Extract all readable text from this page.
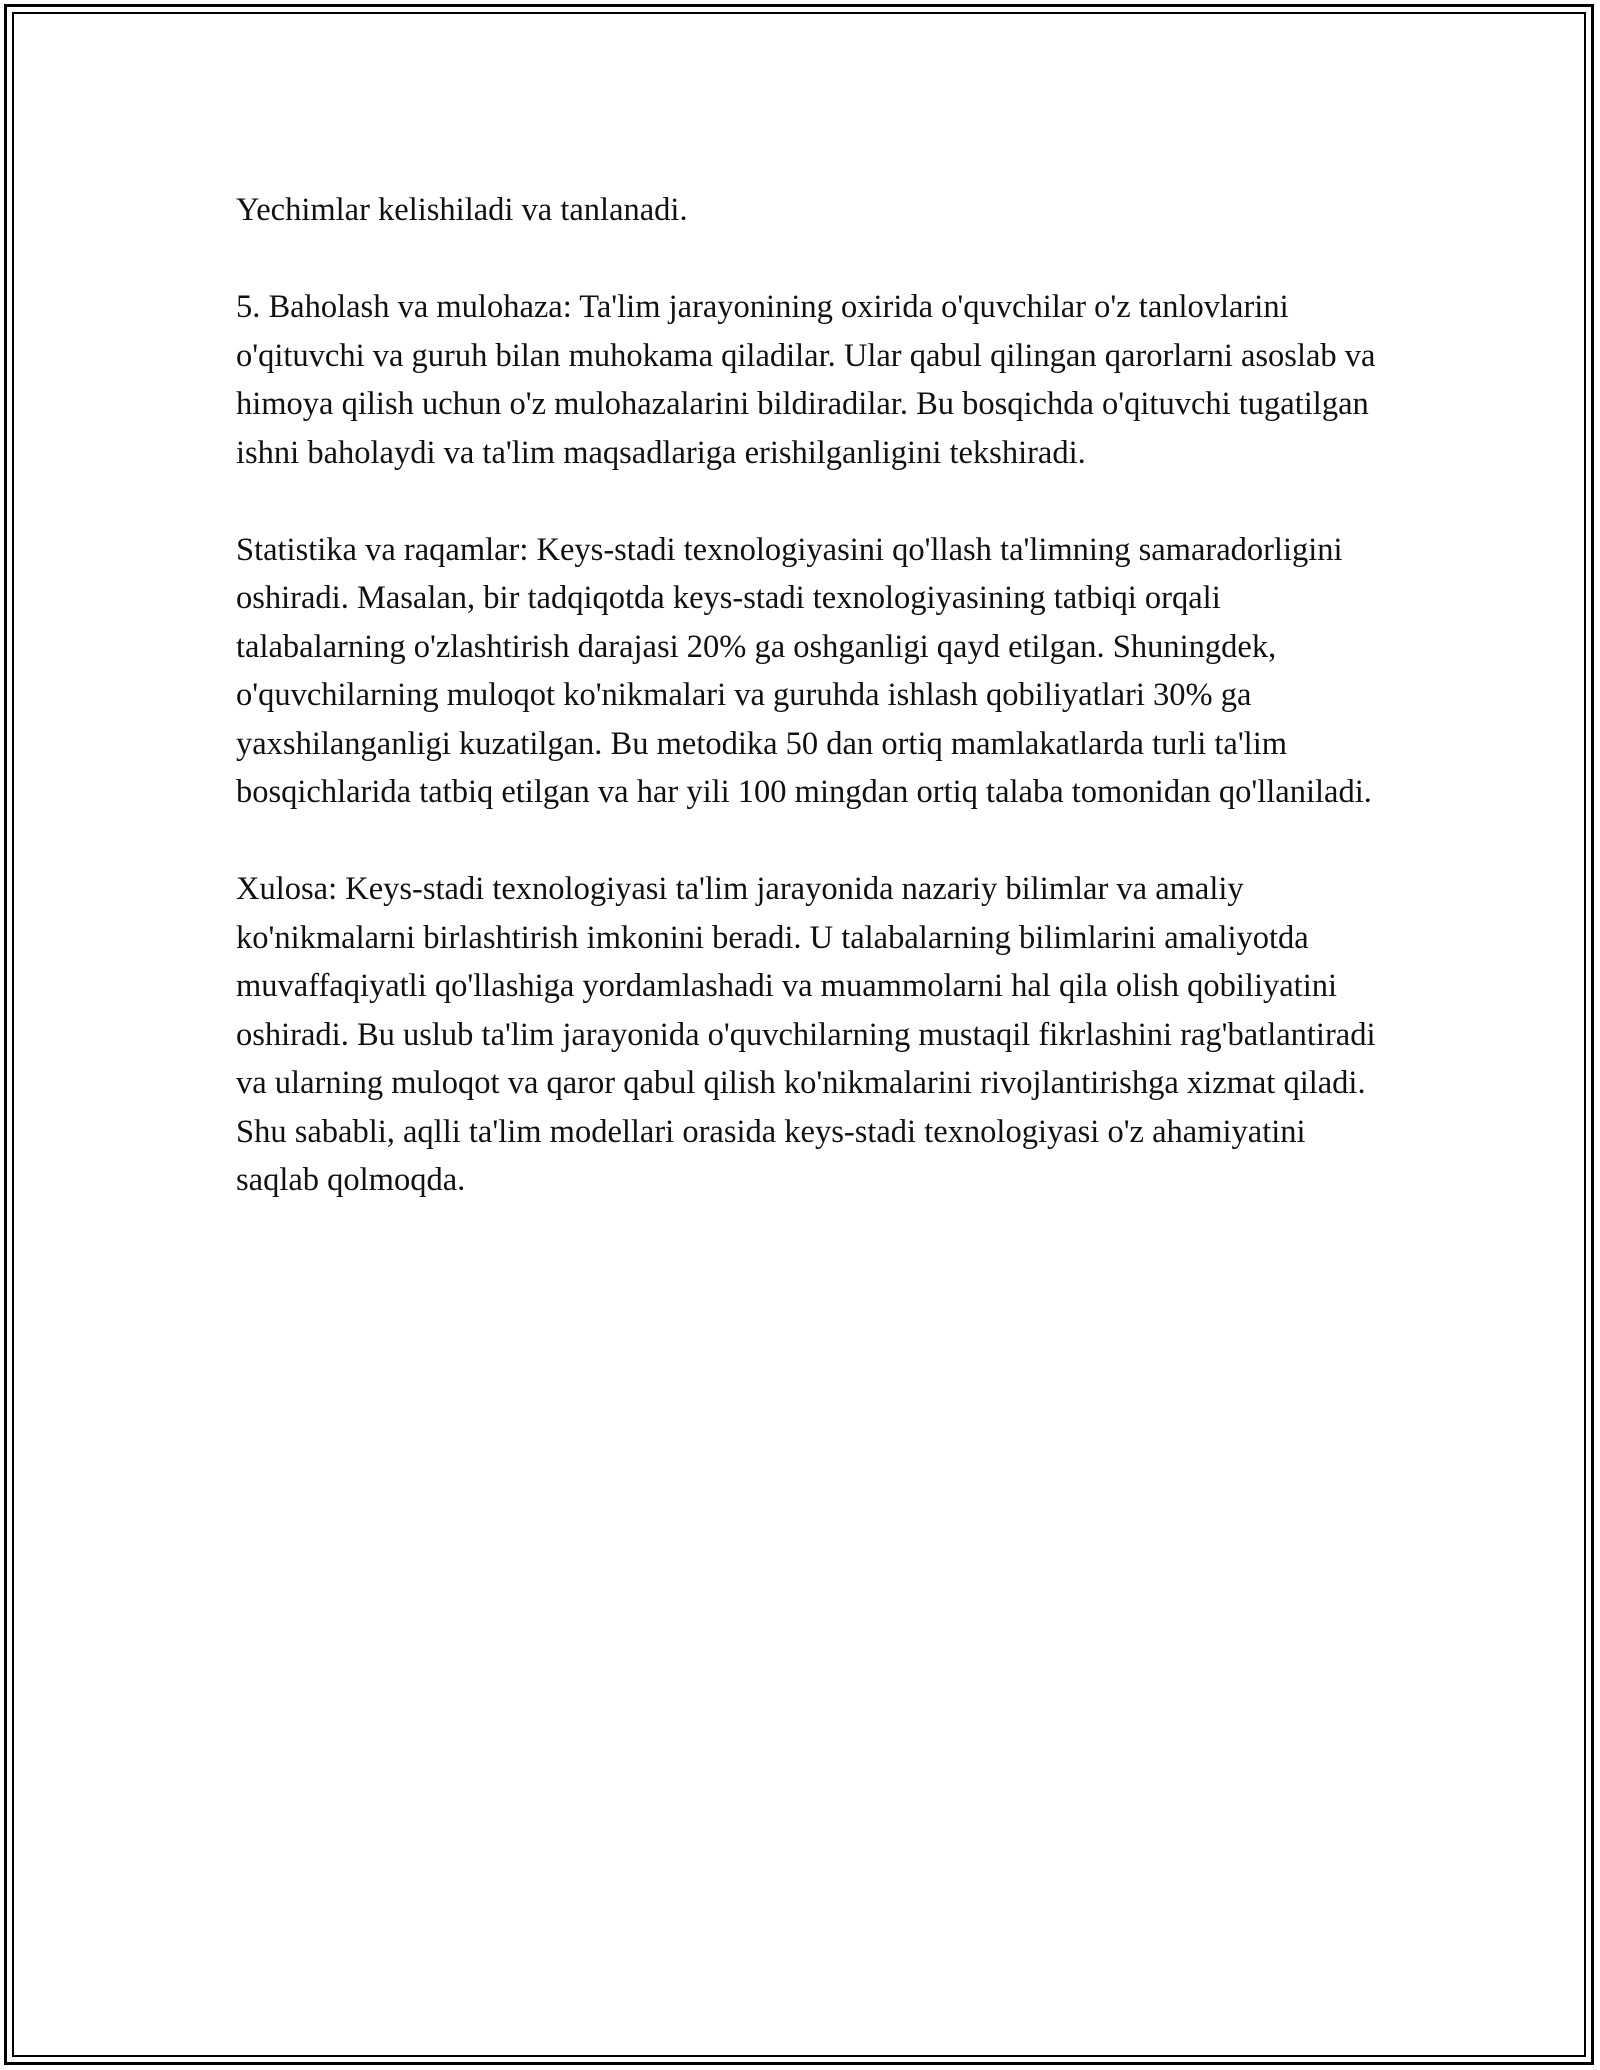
Yechimlar kelishiladi va tanlanadi.

5. Baholash va mulohaza: Ta'lim jarayonining oxirida o'quvchilar o'z tanlovlarini o'qituvchi va guruh bilan muhokama qiladilar. Ular qabul qilingan qarorlarni asoslab va himoya qilish uchun o'z mulohazalarini bildiradilar. Bu bosqichda o'qituvchi tugatilgan ishni baholaydi va ta'lim maqsadlariga erishilganligini tekshiradi.

Statistika va raqamlar: Keys-stadi texnologiyasini qo'llash ta'limning samaradorligini oshiradi. Masalan, bir tadqiqotda keys-stadi texnologiyasining tatbiqi orqali talabalarning o'zlashtirish darajasi 20% ga oshganligi qayd etilgan. Shuningdek, o'quvchilarning muloqot ko'nikmalari va guruhda ishlash qobiliyatlari 30% ga yaxshilanganligi kuzatilgan. Bu metodika 50 dan ortiq mamlakatlarda turli ta'lim bosqichlarida tatbiq etilgan va har yili 100 mingdan ortiq talaba tomonidan qo'llaniladi.

Xulosa: Keys-stadi texnologiyasi ta'lim jarayonida nazariy bilimlar va amaliy ko'nikmalarni birlashtirish imkonini beradi. U talabalarning bilimlarini amaliyotda muvaffaqiyatli qo'llashiga yordamlashadi va muammolarni hal qila olish qobiliyatini oshiradi. Bu uslub ta'lim jarayonida o'quvchilarning mustaqil fikrlashini rag'batlantiradi va ularning muloqot va qaror qabul qilish ko'nikmalarini rivojlantirishga xizmat qiladi. Shu sababli, aqlli ta'lim modellari orasida keys-stadi texnologiyasi o'z ahamiyatini saqlab qolmoqda.
